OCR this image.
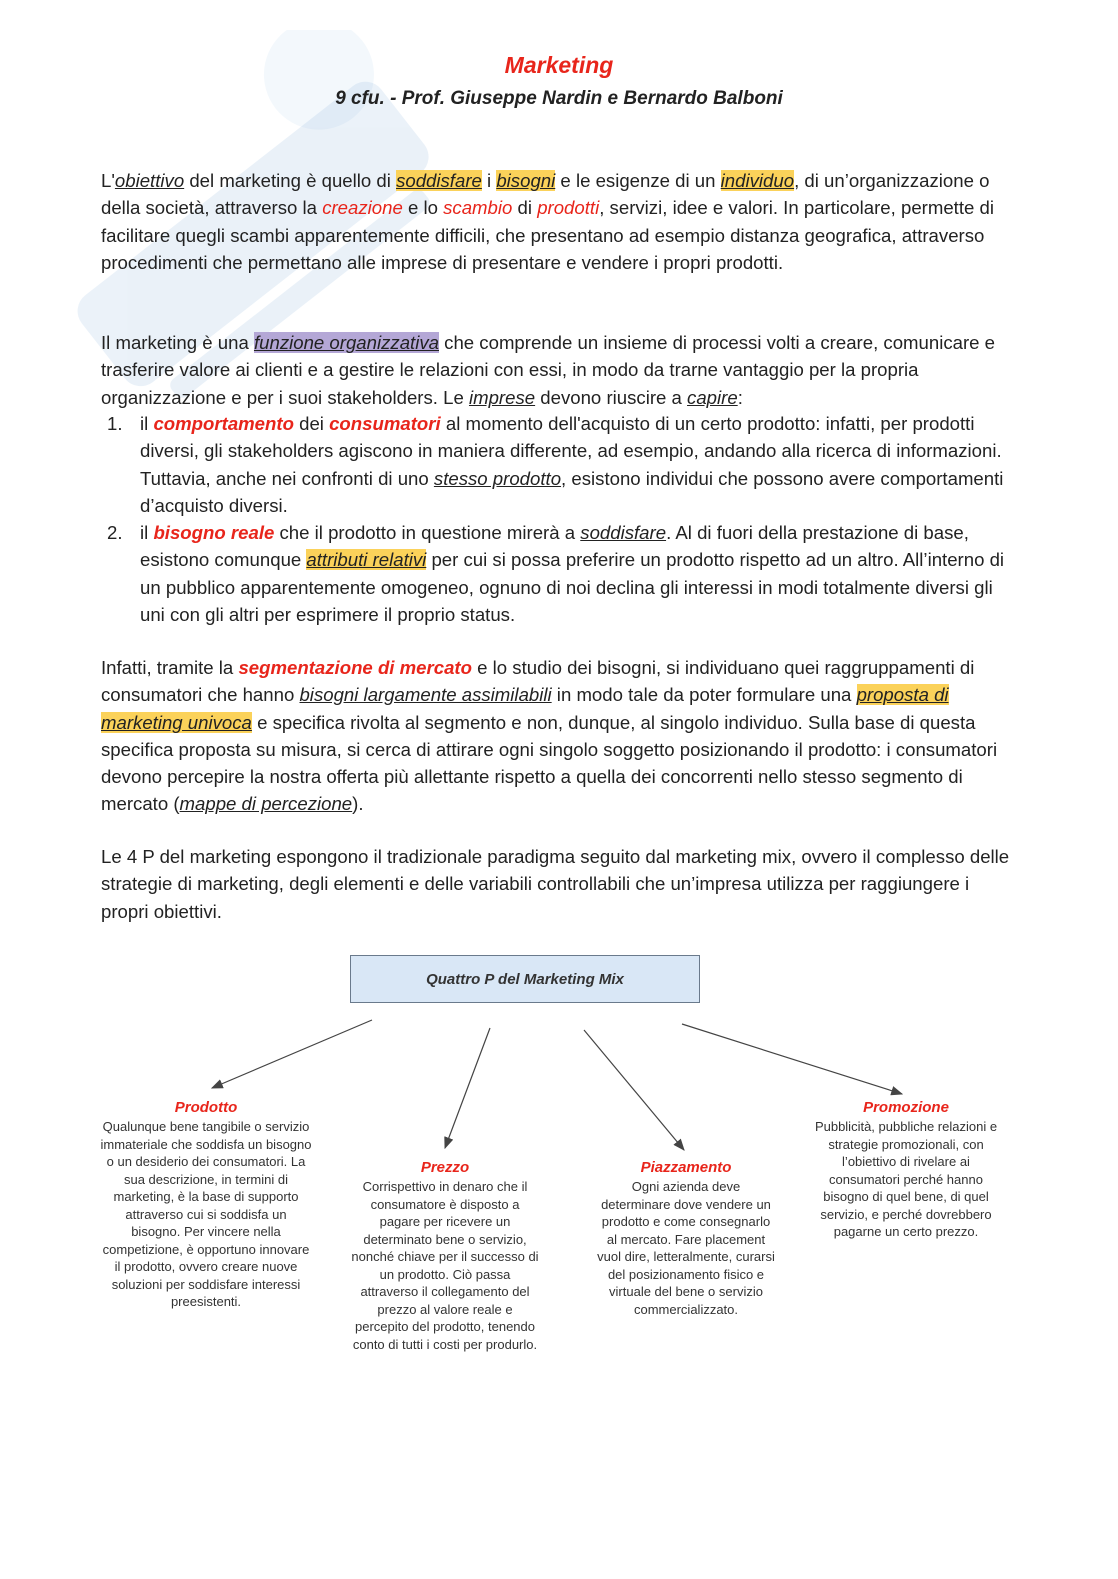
Marketing
9 cfu. - Prof. Giuseppe Nardin e Bernardo Balboni
L'obiettivo del marketing è quello di soddisfare i bisogni e le esigenze di un individuo, di un’organizzazione o della società, attraverso la creazione e lo scambio di prodotti, servizi, idee e valori. In particolare, permette di facilitare quegli scambi apparentemente difficili, che presentano ad esempio distanza geografica, attraverso procedimenti che permettano alle imprese di presentare e vendere i propri prodotti.
Il marketing è una funzione organizzativa che comprende un insieme di processi volti a creare, comunicare e trasferire valore ai clienti e a gestire le relazioni con essi, in modo da trarne vantaggio per la propria organizzazione e per i suoi stakeholders. Le imprese devono riuscire a capire:
1. il comportamento dei consumatori al momento dell'acquisto di un certo prodotto: infatti, per prodotti diversi, gli stakeholders agiscono in maniera differente, ad esempio, andando alla ricerca di informazioni. Tuttavia, anche nei confronti di uno stesso prodotto, esistono individui che possono avere comportamenti d’acquisto diversi.
2. il bisogno reale che il prodotto in questione mirerà a soddisfare. Al di fuori della prestazione di base, esistono comunque attributi relativi per cui si possa preferire un prodotto rispetto ad un altro. All’interno di un pubblico apparentemente omogeneo, ognuno di noi declina gli interessi in modi totalmente diversi gli uni con gli altri per esprimere il proprio status.
Infatti, tramite la segmentazione di mercato e lo studio dei bisogni, si individuano quei raggruppamenti di consumatori che hanno bisogni largamente assimilabili in modo tale da poter formulare una proposta di marketing univoca e specifica rivolta al segmento e non, dunque, al singolo individuo. Sulla base di questa specifica proposta su misura, si cerca di attirare ogni singolo soggetto posizionando il prodotto: i consumatori devono percepire la nostra offerta più allettante rispetto a quella dei concorrenti nello stesso segmento di mercato (mappe di percezione).
Le 4 P del marketing espongono il tradizionale paradigma seguito dal marketing mix, ovvero il complesso delle strategie di marketing, degli elementi e delle variabili controllabili che un’impresa utilizza per raggiungere i propri obiettivi.
Quattro P del Marketing Mix
Prodotto
Qualunque bene tangibile o servizio immateriale che soddisfa un bisogno o un desiderio dei consumatori. La sua descrizione, in termini di marketing, è la base di supporto attraverso cui si soddisfa un bisogno. Per vincere nella competizione, è opportuno innovare il prodotto, ovvero creare nuove soluzioni per soddisfare interessi preesistenti.
Prezzo
Corrispettivo in denaro che il consumatore è disposto a pagare per ricevere un determinato bene o servizio, nonché chiave per il successo di un prodotto. Ciò passa attraverso il collegamento del prezzo al valore reale e percepito del prodotto, tenendo conto di tutti i costi per produrlo.
Piazzamento
Ogni azienda deve determinare dove vendere un prodotto e come consegnarlo al mercato. Fare placement vuol dire, letteralmente, curarsi del posizionamento fisico e virtuale del bene o servizio commercializzato.
Promozione
Pubblicità, pubbliche relazioni e strategie promozionali, con l’obiettivo di rivelare ai consumatori perché hanno bisogno di quel bene, di quel servizio, e perché dovrebbero pagarne un certo prezzo.
